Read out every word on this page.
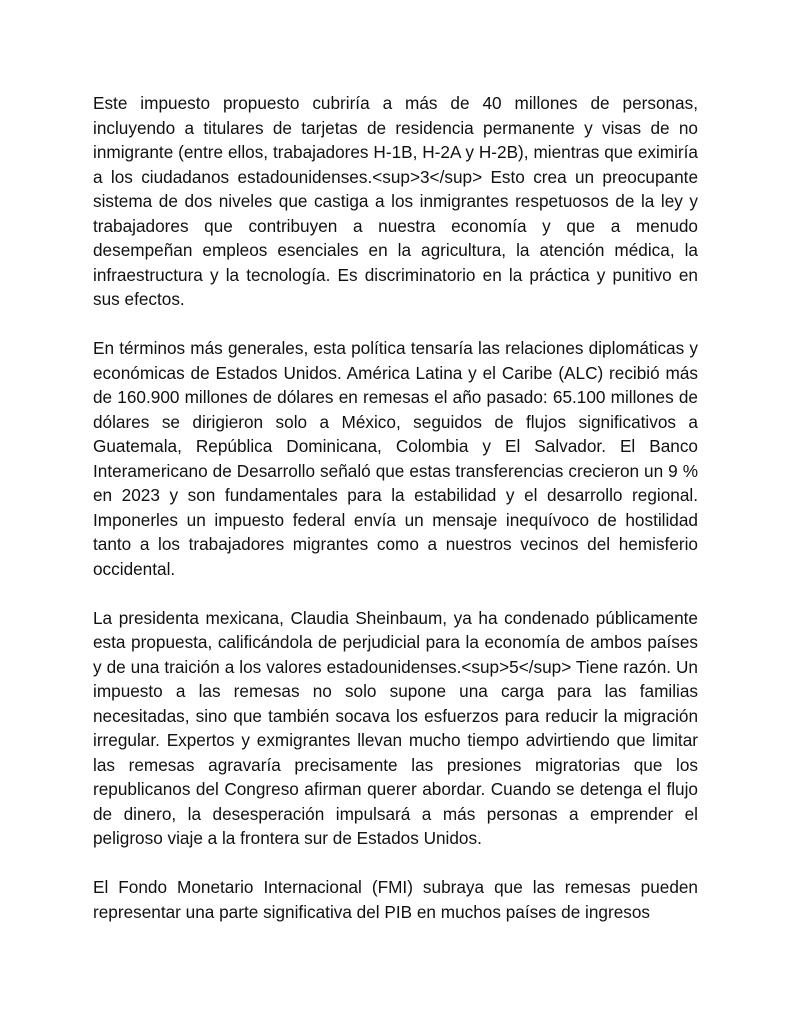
Este impuesto propuesto cubriría a más de 40 millones de personas, incluyendo a titulares de tarjetas de residencia permanente y visas de no inmigrante (entre ellos, trabajadores H-1B, H-2A y H-2B), mientras que eximiría a los ciudadanos estadounidenses.<sup>3</sup> Esto crea un preocupante sistema de dos niveles que castiga a los inmigrantes respetuosos de la ley y trabajadores que contribuyen a nuestra economía y que a menudo desempeñan empleos esenciales en la agricultura, la atención médica, la infraestructura y la tecnología. Es discriminatorio en la práctica y punitivo en sus efectos.

En términos más generales, esta política tensaría las relaciones diplomáticas y económicas de Estados Unidos. América Latina y el Caribe (ALC) recibió más de 160.900 millones de dólares en remesas el año pasado: 65.100 millones de dólares se dirigieron solo a México, seguidos de flujos significativos a Guatemala, República Dominicana, Colombia y El Salvador. El Banco Interamericano de Desarrollo señaló que estas transferencias crecieron un 9 % en 2023 y son fundamentales para la estabilidad y el desarrollo regional. Imponerles un impuesto federal envía un mensaje inequívoco de hostilidad tanto a los trabajadores migrantes como a nuestros vecinos del hemisferio occidental.

La presidenta mexicana, Claudia Sheinbaum, ya ha condenado públicamente esta propuesta, calificándola de perjudicial para la economía de ambos países y de una traición a los valores estadounidenses.<sup>5</sup> Tiene razón. Un impuesto a las remesas no solo supone una carga para las familias necesitadas, sino que también socava los esfuerzos para reducir la migración irregular. Expertos y exmigrantes llevan mucho tiempo advirtiendo que limitar las remesas agravaría precisamente las presiones migratorias que los republicanos del Congreso afirman querer abordar. Cuando se detenga el flujo de dinero, la desesperación impulsará a más personas a emprender el peligroso viaje a la frontera sur de Estados Unidos.

El Fondo Monetario Internacional (FMI) subraya que las remesas pueden representar una parte significativa del PIB en muchos países de ingresos
